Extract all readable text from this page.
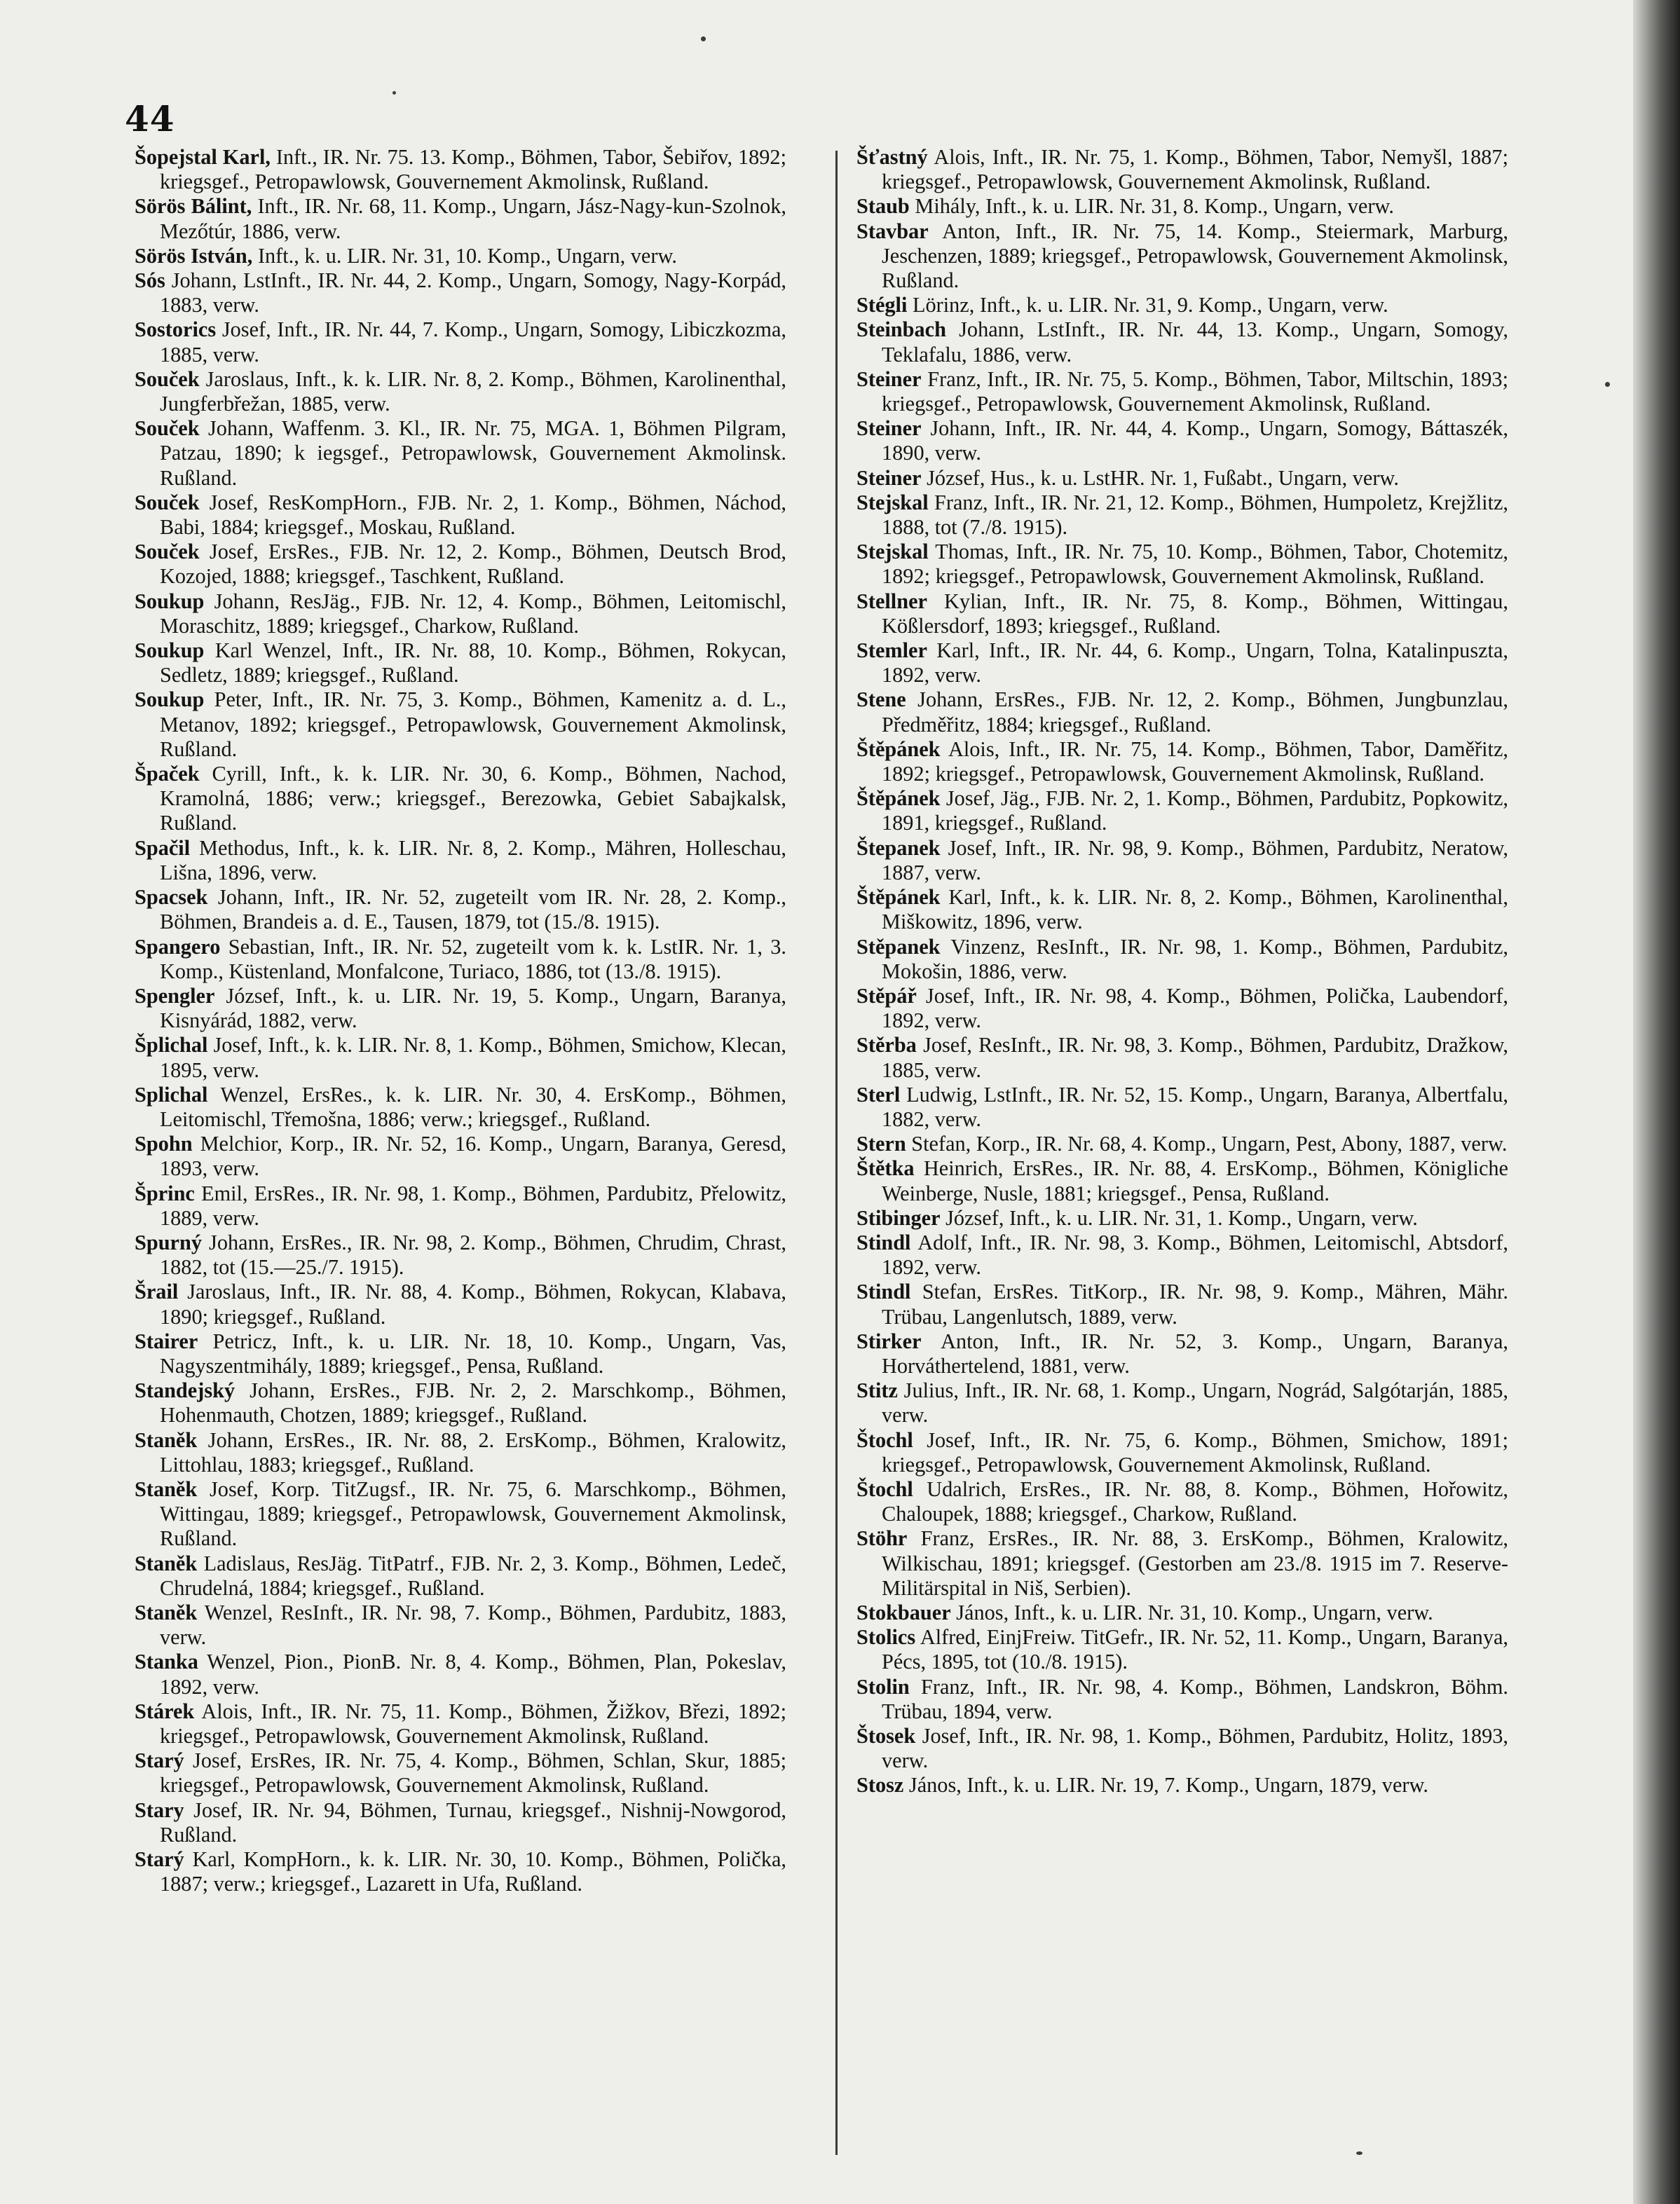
44

Šopejstal Karl, Inft., IR. Nr. 75. 13. Komp., Böhmen, Tabor, Šebiřov, 1892; kriegsgef., Petropawlowsk, Gouvernement Akmolinsk, Rußland.

Sörös Bálint, Inft., IR. Nr. 68, 11. Komp., Ungarn, Jász-Nagy-kun-Szolnok, Mezőtúr, 1886, verw.

Sörös István, Inft., k. u. LIR. Nr. 31, 10. Komp., Ungarn, verw.

Sós Johann, LstInft., IR. Nr. 44, 2. Komp., Ungarn, Somogy, Nagy-Korpád, 1883, verw.

Sostorics Josef, Inft., IR. Nr. 44, 7. Komp., Ungarn, Somogy, Libiczkozma, 1885, verw.

Souček Jaroslaus, Inft., k. k. LIR. Nr. 8, 2. Komp., Böhmen, Karolinenthal, Jungferbřežan, 1885, verw.

Souček Johann, Waffenm. 3. Kl., IR. Nr. 75, MGA. 1, Böhmen Pilgram, Patzau, 1890; k iegsgef., Petropawlowsk, Gouvernement Akmolinsk. Rußland.

Souček Josef, ResKompHorn., FJB. Nr. 2, 1. Komp., Böhmen, Náchod, Babi, 1884; kriegsgef., Moskau, Rußland.

Souček Josef, ErsRes., FJB. Nr. 12, 2. Komp., Böhmen, Deutsch Brod, Kozojed, 1888; kriegsgef., Taschkent, Rußland.

Soukup Johann, ResJäg., FJB. Nr. 12, 4. Komp., Böhmen, Leitomischl, Moraschitz, 1889; kriegsgef., Charkow, Rußland.

Soukup Karl Wenzel, Inft., IR. Nr. 88, 10. Komp., Böhmen, Rokycan, Sedletz, 1889; kriegsgef., Rußland.

Soukup Peter, Inft., IR. Nr. 75, 3. Komp., Böhmen, Kamenitz a. d. L., Metanov, 1892; kriegsgef., Petropawlowsk, Gouvernement Akmolinsk, Rußland.

Špaček Cyrill, Inft., k. k. LIR. Nr. 30, 6. Komp., Böhmen, Nachod, Kramolná, 1886; verw.; kriegsgef., Berezowka, Gebiet Sabajkalsk, Rußland.

Spačil Methodus, Inft., k. k. LIR. Nr. 8, 2. Komp., Mähren, Holleschau, Lišna, 1896, verw.

Spacsek Johann, Inft., IR. Nr. 52, zugeteilt vom IR. Nr. 28, 2. Komp., Böhmen, Brandeis a. d. E., Tausen, 1879, tot (15./8. 1915).

Spangero Sebastian, Inft., IR. Nr. 52, zugeteilt vom k. k. LstIR. Nr. 1, 3. Komp., Küstenland, Monfalcone, Turiaco, 1886, tot (13./8. 1915).

Spengler József, Inft., k. u. LIR. Nr. 19, 5. Komp., Ungarn, Baranya, Kisnyárád, 1882, verw.

Šplichal Josef, Inft., k. k. LIR. Nr. 8, 1. Komp., Böhmen, Smichow, Klecan, 1895, verw.

Splichal Wenzel, ErsRes., k. k. LIR. Nr. 30, 4. ErsKomp., Böhmen, Leitomischl, Třemošna, 1886; verw.; kriegsgef., Rußland.

Spohn Melchior, Korp., IR. Nr. 52, 16. Komp., Ungarn, Baranya, Geresd, 1893, verw.

Šprinc Emil, ErsRes., IR. Nr. 98, 1. Komp., Böhmen, Pardubitz, Přelowitz, 1889, verw.

Spurný Johann, ErsRes., IR. Nr. 98, 2. Komp., Böhmen, Chrudim, Chrast, 1882, tot (15.—25./7. 1915).

Šrail Jaroslaus, Inft., IR. Nr. 88, 4. Komp., Böhmen, Rokycan, Klabava, 1890; kriegsgef., Rußland.

Stairer Petricz, Inft., k. u. LIR. Nr. 18, 10. Komp., Ungarn, Vas, Nagyszentmihály, 1889; kriegsgef., Pensa, Rußland.

Standejský Johann, ErsRes., FJB. Nr. 2, 2. Marschkomp., Böhmen, Hohenmauth, Chotzen, 1889; kriegsgef., Rußland.

Staněk Johann, ErsRes., IR. Nr. 88, 2. ErsKomp., Böhmen, Kralowitz, Littohlau, 1883; kriegsgef., Rußland.

Staněk Josef, Korp. TitZugsf., IR. Nr. 75, 6. Marschkomp., Böhmen, Wittingau, 1889; kriegsgef., Petropawlowsk, Gouvernement Akmolinsk, Rußland.

Staněk Ladislaus, ResJäg. TitPatrf., FJB. Nr. 2, 3. Komp., Böhmen, Ledeč, Chrudelná, 1884; kriegsgef., Rußland.

Staněk Wenzel, ResInft., IR. Nr. 98, 7. Komp., Böhmen, Pardubitz, 1883, verw.

Stanka Wenzel, Pion., PionB. Nr. 8, 4. Komp., Böhmen, Plan, Pokeslav, 1892, verw.

Stárek Alois, Inft., IR. Nr. 75, 11. Komp., Böhmen, Žižkov, Březi, 1892; kriegsgef., Petropawlowsk, Gouvernement Akmolinsk, Rußland.

Starý Josef, ErsRes, IR. Nr. 75, 4. Komp., Böhmen, Schlan, Skur, 1885; kriegsgef., Petropawlowsk, Gouvernement Akmolinsk, Rußland.

Stary Josef, IR. Nr. 94, Böhmen, Turnau, kriegsgef., Nishnij-Nowgorod, Rußland.

Starý Karl, KompHorn., k. k. LIR. Nr. 30, 10. Komp., Böhmen, Polička, 1887; verw.; kriegsgef., Lazarett in Ufa, Rußland.

Šťastný Alois, Inft., IR. Nr. 75, 1. Komp., Böhmen, Tabor, Nemyšl, 1887; kriegsgef., Petropawlowsk, Gouvernement Akmolinsk, Rußland.

Staub Mihály, Inft., k. u. LIR. Nr. 31, 8. Komp., Ungarn, verw.

Stavbar Anton, Inft., IR. Nr. 75, 14. Komp., Steiermark, Marburg, Jeschenzen, 1889; kriegsgef., Petropawlowsk, Gouvernement Akmolinsk, Rußland.

Stégli Lörinz, Inft., k. u. LIR. Nr. 31, 9. Komp., Ungarn, verw.

Steinbach Johann, LstInft., IR. Nr. 44, 13. Komp., Ungarn, Somogy, Teklafalu, 1886, verw.

Steiner Franz, Inft., IR. Nr. 75, 5. Komp., Böhmen, Tabor, Miltschin, 1893; kriegsgef., Petropawlowsk, Gouvernement Akmolinsk, Rußland.

Steiner Johann, Inft., IR. Nr. 44, 4. Komp., Ungarn, Somogy, Báttaszék, 1890, verw.

Steiner József, Hus., k. u. LstHR. Nr. 1, Fußabt., Ungarn, verw.

Stejskal Franz, Inft., IR. Nr. 21, 12. Komp., Böhmen, Humpoletz, Krejžlitz, 1888, tot (7./8. 1915).

Stejskal Thomas, Inft., IR. Nr. 75, 10. Komp., Böhmen, Tabor, Chotemitz, 1892; kriegsgef., Petropawlowsk, Gouvernement Akmolinsk, Rußland.

Stellner Kylian, Inft., IR. Nr. 75, 8. Komp., Böhmen, Wittingau, Kößlersdorf, 1893; kriegsgef., Rußland.

Stemler Karl, Inft., IR. Nr. 44, 6. Komp., Ungarn, Tolna, Katalinpuszta, 1892, verw.

Stene Johann, ErsRes., FJB. Nr. 12, 2. Komp., Böhmen, Jungbunzlau, Předměřitz, 1884; kriegsgef., Rußland.

Štěpánek Alois, Inft., IR. Nr. 75, 14. Komp., Böhmen, Tabor, Daměřitz, 1892; kriegsgef., Petropawlowsk, Gouvernement Akmolinsk, Rußland.

Štěpánek Josef, Jäg., FJB. Nr. 2, 1. Komp., Böhmen, Pardubitz, Popkowitz, 1891, kriegsgef., Rußland.

Štepanek Josef, Inft., IR. Nr. 98, 9. Komp., Böhmen, Pardubitz, Neratow, 1887, verw.

Štěpánek Karl, Inft., k. k. LIR. Nr. 8, 2. Komp., Böhmen, Karolinenthal, Miškowitz, 1896, verw.

Stěpanek Vinzenz, ResInft., IR. Nr. 98, 1. Komp., Böhmen, Pardubitz, Mokošin, 1886, verw.

Stěpář Josef, Inft., IR. Nr. 98, 4. Komp., Böhmen, Polička, Laubendorf, 1892, verw.

Stěrba Josef, ResInft., IR. Nr. 98, 3. Komp., Böhmen, Pardubitz, Dražkow, 1885, verw.

Sterl Ludwig, LstInft., IR. Nr. 52, 15. Komp., Ungarn, Baranya, Albertfalu, 1882, verw.

Stern Stefan, Korp., IR. Nr. 68, 4. Komp., Ungarn, Pest, Abony, 1887, verw.

Štětka Heinrich, ErsRes., IR. Nr. 88, 4. ErsKomp., Böhmen, Königliche Weinberge, Nusle, 1881; kriegsgef., Pensa, Rußland.

Stibinger József, Inft., k. u. LIR. Nr. 31, 1. Komp., Ungarn, verw.

Stindl Adolf, Inft., IR. Nr. 98, 3. Komp., Böhmen, Leitomischl, Abtsdorf, 1892, verw.

Stindl Stefan, ErsRes. TitKorp., IR. Nr. 98, 9. Komp., Mähren, Mähr. Trübau, Langenlutsch, 1889, verw.

Stirker Anton, Inft., IR. Nr. 52, 3. Komp., Ungarn, Baranya, Horváthertelend, 1881, verw.

Stitz Julius, Inft., IR. Nr. 68, 1. Komp., Ungarn, Nográd, Salgótarján, 1885, verw.

Štochl Josef, Inft., IR. Nr. 75, 6. Komp., Böhmen, Smichow, 1891; kriegsgef., Petropawlowsk, Gouvernement Akmolinsk, Rußland.

Štochl Udalrich, ErsRes., IR. Nr. 88, 8. Komp., Böhmen, Hořowitz, Chaloupek, 1888; kriegsgef., Charkow, Rußland.

Stöhr Franz, ErsRes., IR. Nr. 88, 3. ErsKomp., Böhmen, Kralowitz, Wilkischau, 1891; kriegsgef. (Gestorben am 23./8. 1915 im 7. Reserve-Militärspital in Niš, Serbien).

Stokbauer János, Inft., k. u. LIR. Nr. 31, 10. Komp., Ungarn, verw.

Stolics Alfred, EinjFreiw. TitGefr., IR. Nr. 52, 11. Komp., Ungarn, Baranya, Pécs, 1895, tot (10./8. 1915).

Stolin Franz, Inft., IR. Nr. 98, 4. Komp., Böhmen, Landskron, Böhm. Trübau, 1894, verw.

Štosek Josef, Inft., IR. Nr. 98, 1. Komp., Böhmen, Pardubitz, Holitz, 1893, verw.

Stosz János, Inft., k. u. LIR. Nr. 19, 7. Komp., Ungarn, 1879, verw.
